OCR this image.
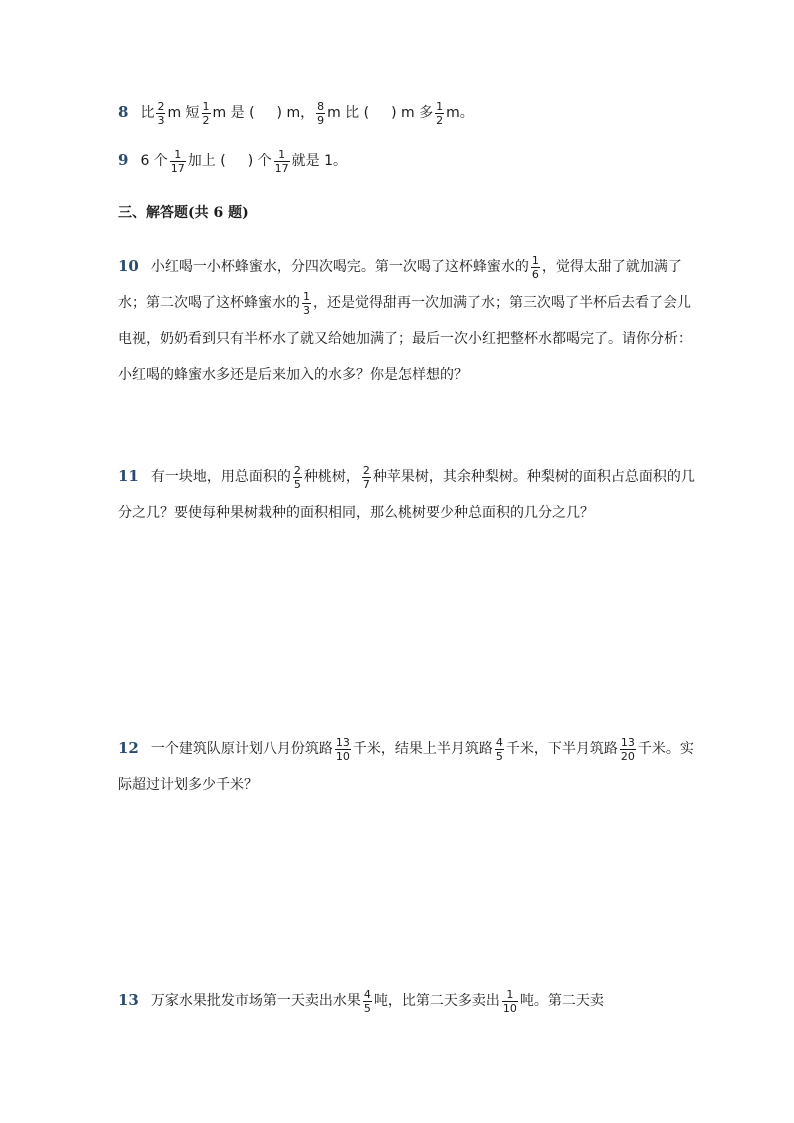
8 比 $\frac{2}{3}$ m 短 $\frac{1}{2}$ m 是 ( ) m， $\frac{8}{9}$ m 比 ( ) m 多 $\frac{1}{2}$ m。
9 6 个 $\frac{1}{17}$ 加上 ( ) 个 $\frac{1}{17}$ 就是 1。
三、解答题(共 6 题)
10 小红喝一小杯蜂蜜水，分四次喝完。第一次喝了这杯蜂蜜水的 $\frac{1}{6}$ ，觉得太甜了就加满了水；第二次喝了这杯蜂蜜水的 $\frac{1}{3}$ ，还是觉得甜再一次加满了水；第三次喝了半杯后去看了会儿电视，奶奶看到只有半杯水了就又给她加满了；最后一次小红把整杯水都喝完了。请你分析：小红喝的蜂蜜水多还是后来加入的水多？你是怎样想的？
11 有一块地，用总面积的 $\frac{2}{5}$ 种桃树， $\frac{2}{7}$ 种苹果树，其余种梨树。种梨树的面积占总面积的几分之几？要使每种果树栽种的面积相同，那么桃树要少种总面积的几分之几？
12 一个建筑队原计划八月份筑路 $\frac{13}{10}$ 千米，结果上半月筑路 $\frac{4}{5}$ 千米，下半月筑路 $\frac{13}{20}$ 千米。实际超过计划多少千米？
13 万家水果批发市场第一天卖出水果 $\frac{4}{5}$ 吨，比第二天多卖出 $\frac{1}{10}$ 吨。第二天卖
